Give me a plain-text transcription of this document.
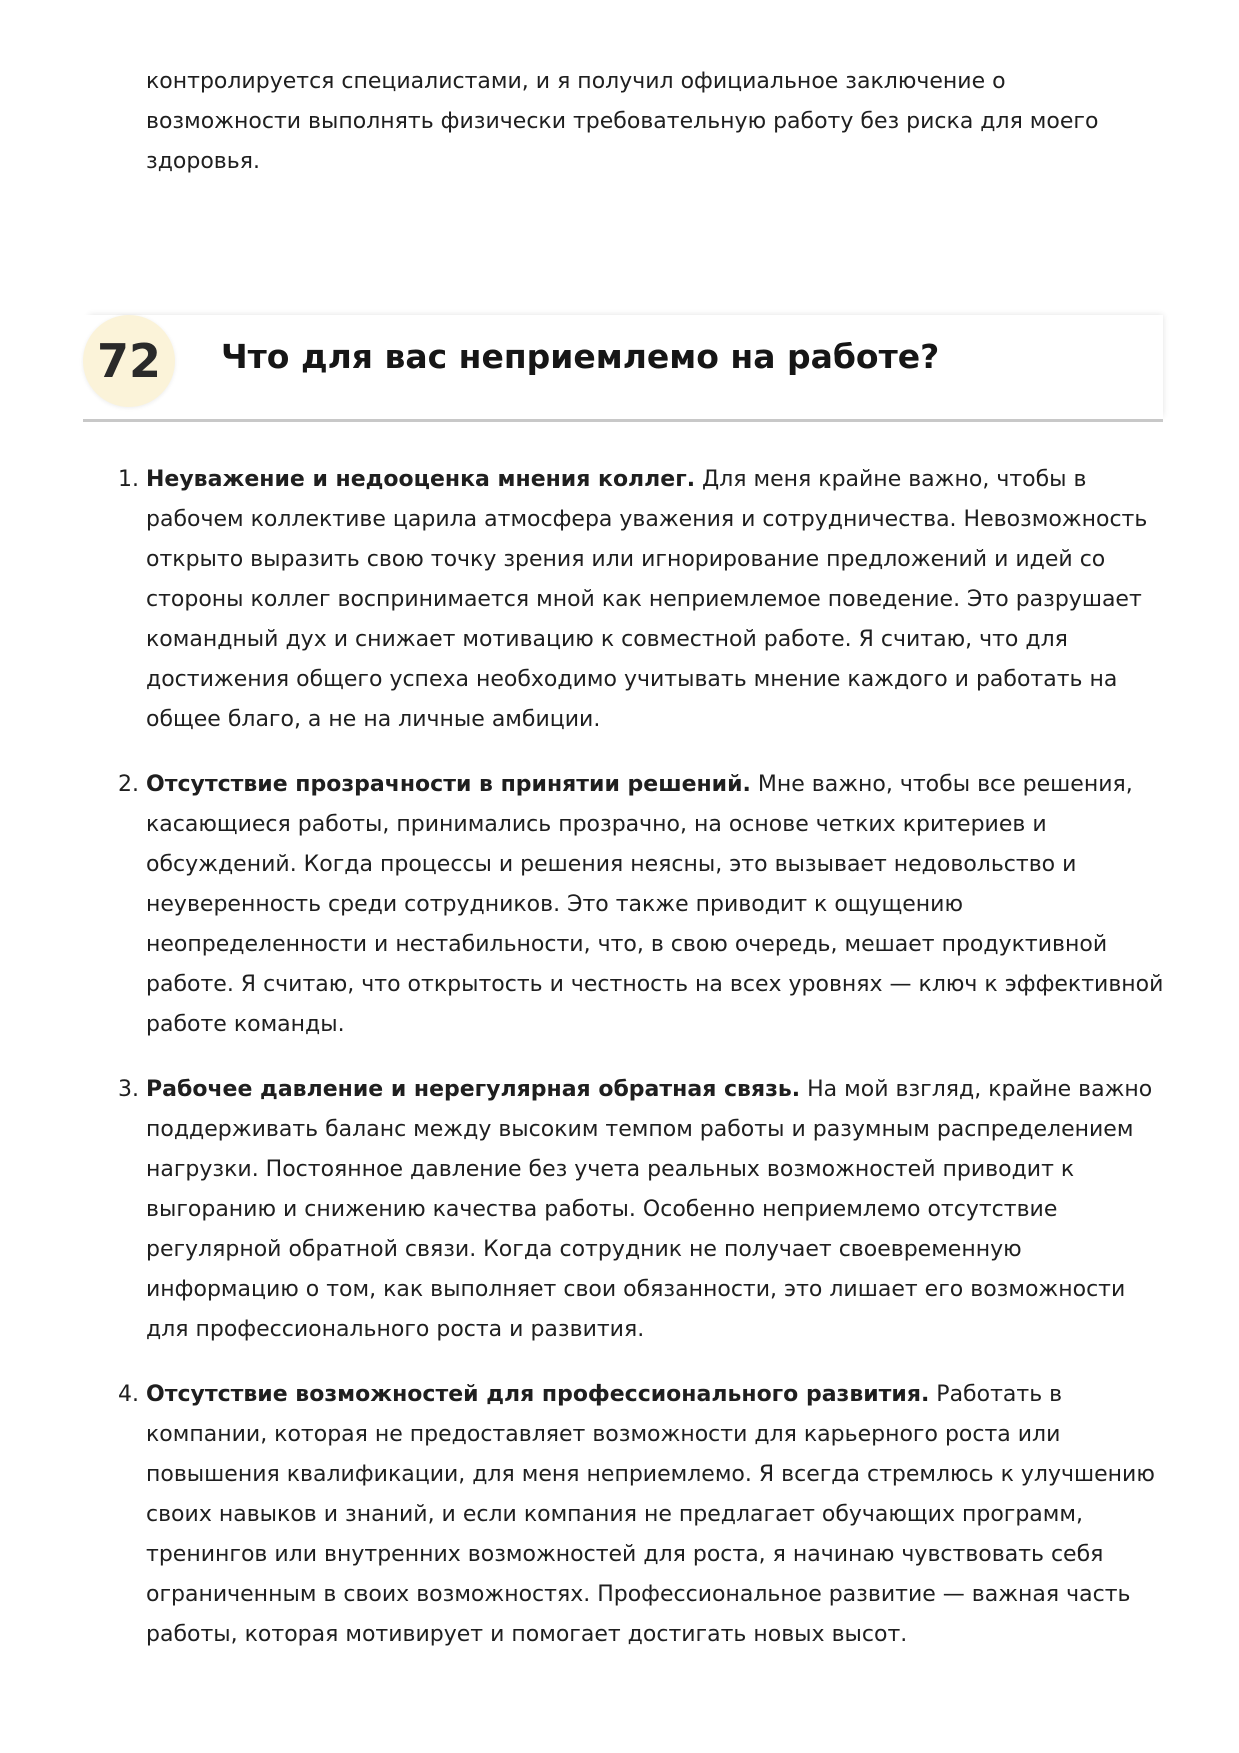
контролируется специалистами, и я получил официальное заключение о возможности выполнять физически требовательную работу без риска для моего здоровья.

72	Что для вас неприемлемо на работе?
1. Неуважение и недооценка мнения коллег. Для меня крайне важно, чтобы в рабочем коллективе царила атмосфера уважения и сотрудничества. Невозможность открыто выразить свою точку зрения или игнорирование предложений и идей со стороны коллег воспринимается мной как неприемлемое поведение. Это разрушает командный дух и снижает мотивацию к совместной работе. Я считаю, что для достижения общего успеха необходимо учитывать мнение каждого и работать на общее благо, а не на личные амбиции.
2. Отсутствие прозрачности в принятии решений. Мне важно, чтобы все решения, касающиеся работы, принимались прозрачно, на основе четких критериев и обсуждений. Когда процессы и решения неясны, это вызывает недовольство и неуверенность среди сотрудников. Это также приводит к ощущению неопределенности и нестабильности, что, в свою очередь, мешает продуктивной работе. Я считаю, что открытость и честность на всех уровнях — ключ к эффективной работе команды.
3. Рабочее давление и нерегулярная обратная связь. На мой взгляд, крайне важно поддерживать баланс между высоким темпом работы и разумным распределением нагрузки. Постоянное давление без учета реальных возможностей приводит к выгоранию и снижению качества работы. Особенно неприемлемо отсутствие регулярной обратной связи. Когда сотрудник не получает своевременную информацию о том, как выполняет свои обязанности, это лишает его возможности для профессионального роста и развития.
4. Отсутствие возможностей для профессионального развития. Работать в компании, которая не предоставляет возможности для карьерного роста или повышения квалификации, для меня неприемлемо. Я всегда стремлюсь к улучшению своих навыков и знаний, и если компания не предлагает обучающих программ, тренингов или внутренних возможностей для роста, я начинаю чувствовать себя ограниченным в своих возможностях. Профессиональное развитие — важная часть работы, которая мотивирует и помогает достигать новых высот.
